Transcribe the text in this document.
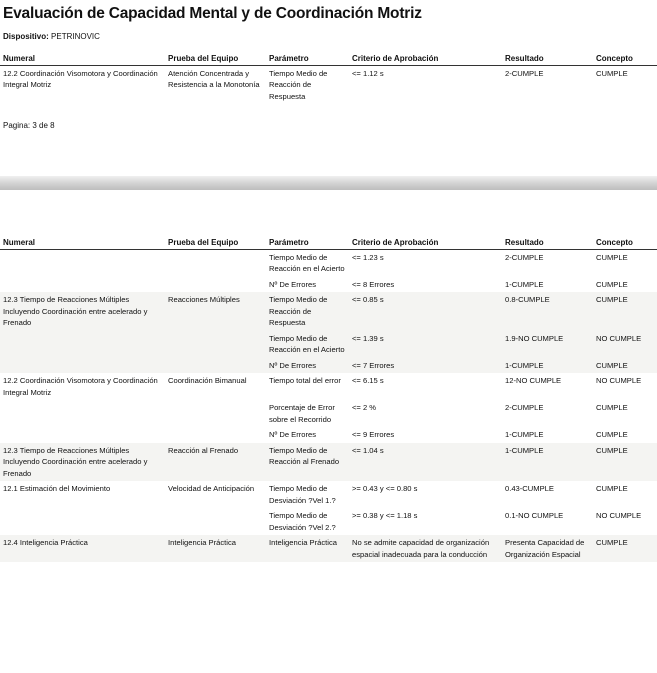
Evaluación de Capacidad Mental y de Coordinación Motriz
Dispositivo: PETRINOVIC
Numeral	Prueba del Equipo	Parámetro	Criterio de Aprobación	Resultado	Concepto
12.2 Coordinación Visomotora y Coordinación Integral Motriz	Atención Concentrada y Resistencia a la Monotonía	Tiempo Medio de Reacción de Respuesta	<= 1.12 s	2-CUMPLE	CUMPLE
Pagina: 3 de 8
Numeral	Prueba del Equipo	Parámetro	Criterio de Aprobación	Resultado	Concepto
		Tiempo Medio de Reacción en el Acierto	<= 1.23 s	2-CUMPLE	CUMPLE
		Nº De Errores	<= 8 Errores	1-CUMPLE	CUMPLE
12.3 Tiempo de Reacciones Múltiples Incluyendo Coordinación entre acelerado y Frenado	Reacciones Múltiples	Tiempo Medio de Reacción de Respuesta	<= 0.85 s	0.8-CUMPLE	CUMPLE
		Tiempo Medio de Reacción en el Acierto	<= 1.39 s	1.9-NO CUMPLE	NO CUMPLE
		Nº De Errores	<= 7 Errores	1-CUMPLE	CUMPLE
12.2 Coordinación Visomotora y Coordinación Integral Motriz	Coordinación Bimanual	Tiempo total del error	<= 6.15 s	12-NO CUMPLE	NO CUMPLE
		Porcentaje de Error sobre el Recorrido	<= 2 %	2-CUMPLE	CUMPLE
		Nº De Errores	<= 9 Errores	1-CUMPLE	CUMPLE
12.3 Tiempo de Reacciones Múltiples Incluyendo Coordinación entre acelerado y Frenado	Reacción al Frenado	Tiempo Medio de Reacción al Frenado	<= 1.04 s	1-CUMPLE	CUMPLE
12.1 Estimación del Movimiento	Velocidad de Anticipación	Tiempo Medio de Desviación ?Vel 1.?	>= 0.43 y <= 0.80 s	0.43-CUMPLE	CUMPLE
		Tiempo Medio de Desviación ?Vel 2.?	>= 0.38 y <= 1.18 s	0.1-NO CUMPLE	NO CUMPLE
12.4 Inteligencia Práctica	Inteligencia Práctica	Inteligencia Práctica	No se admite capacidad de organización espacial inadecuada para la conducción	Presenta Capacidad de Organización Espacial	CUMPLE
